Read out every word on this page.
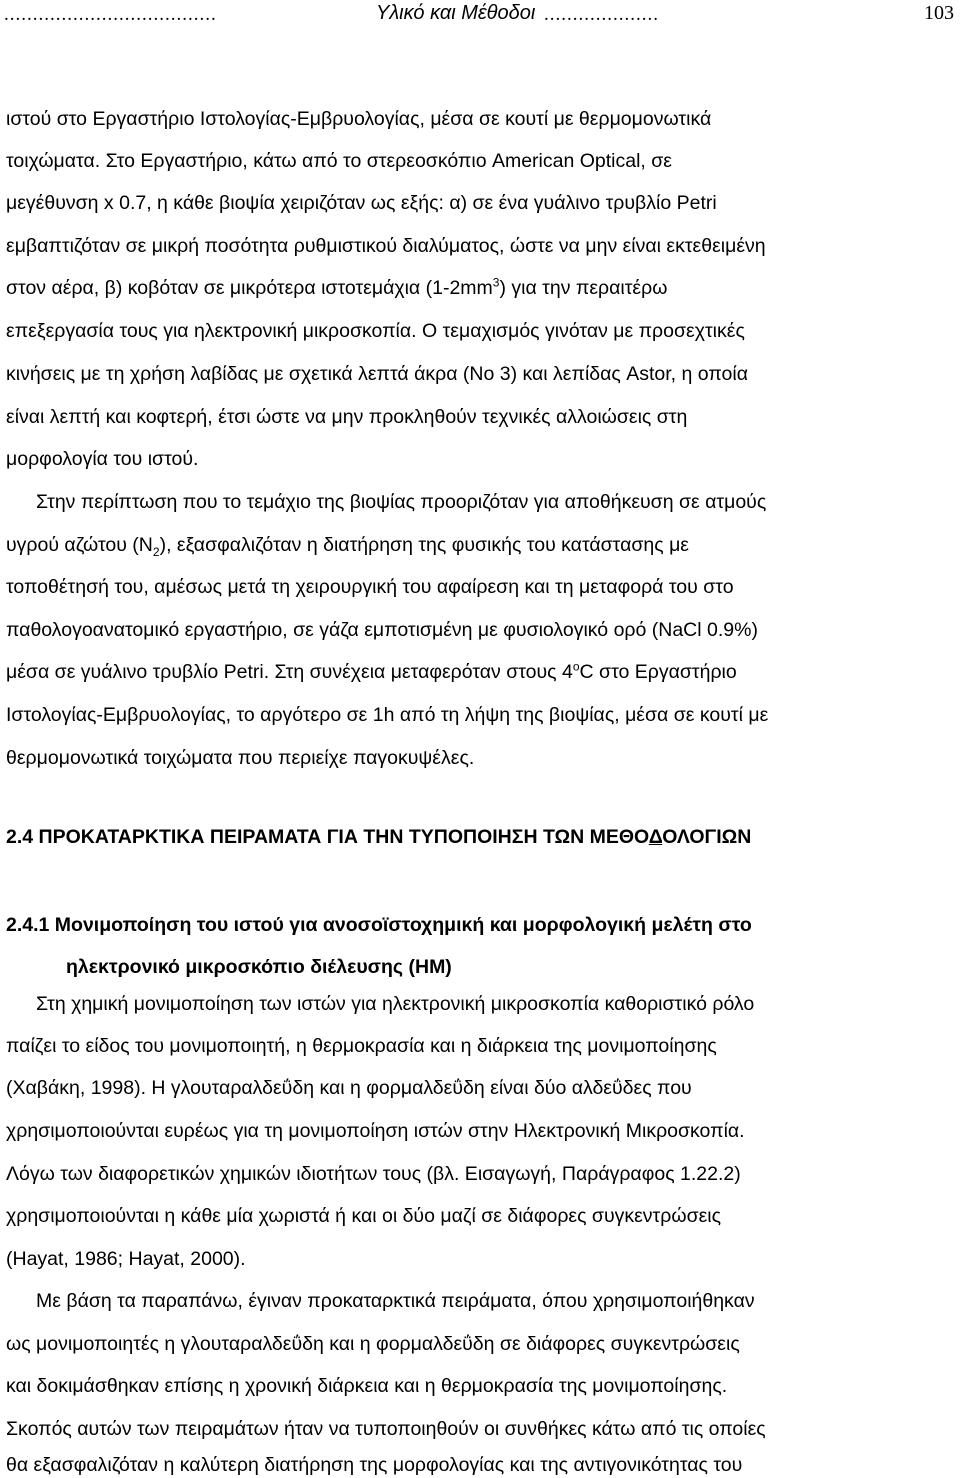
.....................................	Υλικό και Μέθοδοι ....................	103
ιστού στο Εργαστήριο Ιστολογίας-Εμβρυολογίας, μέσα σε κουτί με θερμομονωτικά
τοιχώματα. Στο Εργαστήριο, κάτω από το στερεοσκόπιο American Optical, σε
μεγέθυνση x 0.7, η κάθε βιοψία χειριζόταν ως εξής: α) σε ένα γυάλινο τρυβλίο Petri
εμβαπτιζόταν σε μικρή ποσότητα ρυθμιστικού διαλύματος, ώστε να μην είναι εκτεθειμένη
στον αέρα, β) κοβόταν σε μικρότερα ιστοτεμάχια $(1-2mm^3)$ για την περαιτέρω
επεξεργασία τους για ηλεκτρονική μικροσκοπία. Ο τεμαχισμός γινόταν με προσεχτικές
κινήσεις με τη χρήση λαβίδας με σχετικά λεπτά άκρα (No 3) και λεπίδας Astor, η οποία
είναι λεπτή και κοφτερή, έτσι ώστε να μην προκληθούν τεχνικές αλλοιώσεις στη
μορφολογία του ιστού.
Στην περίπτωση που το τεμάχιο της βιοψίας προοριζόταν για αποθήκευση σε ατμούς
υγρού αζώτου $(N_2)$, εξασφαλιζόταν η διατήρηση της φυσικής του κατάστασης με
τοποθέτησή του, αμέσως μετά τη χειρουργική του αφαίρεση και τη μεταφορά του στο
παθολογοανατομικό εργαστήριο, σε γάζα εμποτισμένη με φυσιολογικό ορό (NaCl 0.9%)
μέσα σε γυάλινο τρυβλίο Petri. Στη συνέχεια μεταφερόταν στους 4$^o$C στο Εργαστήριο
Ιστολογίας-Εμβρυολογίας, το αργότερο σε 1h από τη λήψη της βιοψίας, μέσα σε κουτί με
θερμομονωτικά τοιχώματα που περιείχε παγοκυψέλες.
2.4 ΠΡΟΚΑΤΑΡΚΤΙΚΑ ΠΕΙΡΑΜΑΤΑ ΓΙΑ ΤΗΝ ΤΥΠΟΠΟΙΗΣΗ ΤΩΝ ΜΕΘΟΔΟΛΟΓΙΩΝ
2.4.1 Μονιμοποίηση του ιστού για ανοσοϊστοχημική και μορφολογική μελέτη στο
ηλεκτρονικό μικροσκόπιο διέλευσης (ΗΜ)
Στη χημική μονιμοποίηση των ιστών για ηλεκτρονική μικροσκοπία καθοριστικό ρόλο
παίζει το είδος του μονιμοποιητή, η θερμοκρασία και η διάρκεια της μονιμοποίησης
(Χαβάκη, 1998). Η γλουταραλδεΰδη και η φορμαλδεΰδη είναι δύο αλδεΰδες που
χρησιμοποιούνται ευρέως για τη μονιμοποίηση ιστών στην Ηλεκτρονική Μικροσκοπία.
Λόγω των διαφορετικών χημικών ιδιοτήτων τους (βλ. Εισαγωγή, Παράγραφος 1.22.2)
χρησιμοποιούνται η κάθε μία χωριστά ή και οι δύο μαζί σε διάφορες συγκεντρώσεις
(Hayat, 1986; Hayat, 2000).
Με βάση τα παραπάνω, έγιναν προκαταρκτικά πειράματα, όπου χρησιμοποιήθηκαν
ως μονιμοποιητές η γλουταραλδεΰδη και η φορμαλδεΰδη σε διάφορες συγκεντρώσεις
και δοκιμάσθηκαν επίσης η χρονική διάρκεια και η θερμοκρασία της μονιμοποίησης.
Σκοπός αυτών των πειραμάτων ήταν να τυποποιηθούν οι συνθήκες κάτω από τις οποίες
θα εξασφαλιζόταν η καλύτερη διατήρηση της μορφολογίας και της αντιγονικότητας του
